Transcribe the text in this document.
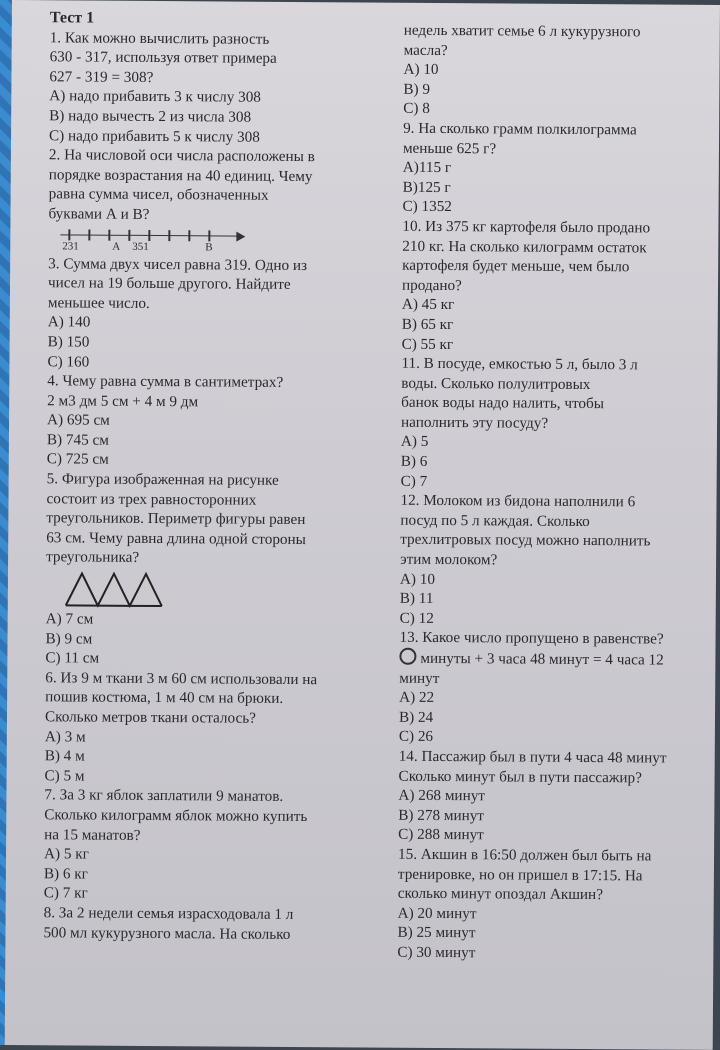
Тест 1
1. Как можно вычислить разность
630 - 317, используя ответ примера
627 - 319 = 308?
А) надо прибавить 3 к числу 308
В) надо вычесть 2 из числа 308
С) надо прибавить 5 к числу 308
2. На числовой оси числа расположены в
порядке возрастания на 40 единиц. Чему
равна сумма чисел, обозначенных
буквами А и В?
231	А 351	В
3. Сумма двух чисел равна 319. Одно из
чисел на 19 больше другого. Найдите
меньшее число.
А) 140
В) 150
С) 160
4. Чему равна сумма в сантиметрах?
2 м3 дм 5 см + 4 м 9 дм
А) 695 см
В) 745 см
С) 725 см
5. Фигура изображенная на рисунке
состоит из трех равносторонних
треугольников. Периметр фигуры равен
63 см. Чему равна длина одной стороны
треугольника?
А) 7 см
В) 9 см
С) 11 см
6. Из 9 м ткани 3 м 60 см использовали на
пошив костюма, 1 м 40 см на брюки.
Сколько метров ткани осталось?
А) 3 м
В) 4 м
С) 5 м
7. За 3 кг яблок заплатили 9 манатов.
Сколько килограмм яблок можно купить
на 15 манатов?
А) 5 кг
В) 6 кг
С) 7 кг
8. За 2 недели семья израсходовала 1 л
500 мл кукурузного масла. На сколько
недель хватит семье 6 л кукурузного
масла?
А) 10
В) 9
С) 8
9. На сколько грамм полкилограмма
меньше 625 г?
А)115 г
В)125 г
С) 1352
10. Из 375 кг картофеля было продано
210 кг. На сколько килограмм остаток
картофеля будет меньше, чем было
продано?
А) 45 кг
В) 65 кг
С) 55 кг
11. В посуде, емкостью 5 л, было 3 л
воды. Сколько полулитровых
банок воды надо налить, чтобы
наполнить эту посуду?
А) 5
В) 6
С) 7
12. Молоком из бидона наполнили 6
посуд по 5 л каждая. Сколько
трехлитровых посуд можно наполнить
этим молоком?
А) 10
В) 11
С) 12
13. Какое число пропущено в равенстве?
минуты + 3 часа 48 минут = 4 часа 12
минут
А) 22
В) 24
С) 26
14. Пассажир был в пути 4 часа 48 минут
Сколько минут был в пути пассажир?
А) 268 минут
В) 278 минут
С) 288 минут
15. Акшин в 16:50 должен был быть на
тренировке, но он пришел в 17:15. На
сколько минут опоздал Акшин?
А) 20 минут
В) 25 минут
С) 30 минут
